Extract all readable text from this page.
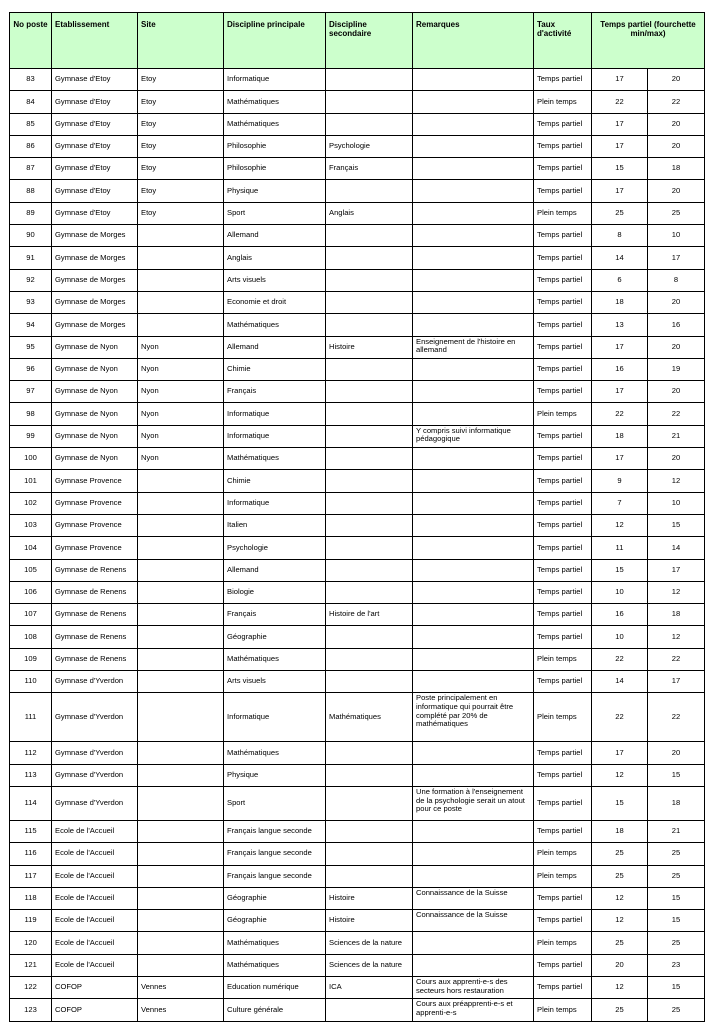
No poste	Etablissement	Site	Discipline principale	Discipline secondaire	Remarques	Taux d'activité	Temps partiel (fourchette min/max)	
83	Gymnase d'Etoy	Etoy	Informatique			Temps partiel	17	20
84	Gymnase d'Etoy	Etoy	Mathématiques			Plein temps	22	22
85	Gymnase d'Etoy	Etoy	Mathématiques			Temps partiel	17	20
86	Gymnase d'Etoy	Etoy	Philosophie	Psychologie		Temps partiel	17	20
87	Gymnase d'Etoy	Etoy	Philosophie	Français		Temps partiel	15	18
88	Gymnase d'Etoy	Etoy	Physique			Temps partiel	17	20
89	Gymnase d'Etoy	Etoy	Sport	Anglais		Plein temps	25	25
90	Gymnase de Morges		Allemand			Temps partiel	8	10
91	Gymnase de Morges		Anglais			Temps partiel	14	17
92	Gymnase de Morges		Arts visuels			Temps partiel	6	8
93	Gymnase de Morges		Economie et droit			Temps partiel	18	20
94	Gymnase de Morges		Mathématiques			Temps partiel	13	16
95	Gymnase de Nyon	Nyon	Allemand	Histoire	Enseignement de l'histoire en allemand	Temps partiel	17	20
96	Gymnase de Nyon	Nyon	Chimie			Temps partiel	16	19
97	Gymnase de Nyon	Nyon	Français			Temps partiel	17	20
98	Gymnase de Nyon	Nyon	Informatique			Plein temps	22	22
99	Gymnase de Nyon	Nyon	Informatique		Y compris suivi informatique pédagogique	Temps partiel	18	21
100	Gymnase de Nyon	Nyon	Mathématiques			Temps partiel	17	20
101	Gymnase Provence		Chimie			Temps partiel	9	12
102	Gymnase Provence		Informatique			Temps partiel	7	10
103	Gymnase Provence		Italien			Temps partiel	12	15
104	Gymnase Provence		Psychologie			Temps partiel	11	14
105	Gymnase de Renens		Allemand			Temps partiel	15	17
106	Gymnase de Renens		Biologie			Temps partiel	10	12
107	Gymnase de Renens		Français	Histoire de l'art		Temps partiel	16	18
108	Gymnase de Renens		Géographie			Temps partiel	10	12
109	Gymnase de Renens		Mathématiques			Plein temps	22	22
110	Gymnase d'Yverdon		Arts visuels			Temps partiel	14	17
111	Gymnase d'Yverdon		Informatique	Mathématiques	Poste principalement en informatique qui pourrait être complété par 20% de mathématiques	Plein temps	22	22
112	Gymnase d'Yverdon		Mathématiques			Temps partiel	17	20
113	Gymnase d'Yverdon		Physique			Temps partiel	12	15
114	Gymnase d'Yverdon		Sport		Une formation à l'enseignement de la psychologie serait un atout pour ce poste	Temps partiel	15	18
115	Ecole de l'Accueil		Français langue seconde			Temps partiel	18	21
116	Ecole de l'Accueil		Français langue seconde			Plein temps	25	25
117	Ecole de l'Accueil		Français langue seconde			Plein temps	25	25
118	Ecole de l'Accueil		Géographie	Histoire	Connaissance de la Suisse	Temps partiel	12	15
119	Ecole de l'Accueil		Géographie	Histoire	Connaissance de la Suisse	Temps partiel	12	15
120	Ecole de l'Accueil		Mathématiques	Sciences de la nature		Plein temps	25	25
121	Ecole de l'Accueil		Mathématiques	Sciences de la nature		Temps partiel	20	23
122	COFOP	Vennes	Education numérique	ICA	Cours aux apprenti-e-s des secteurs hors restauration	Temps partiel	12	15
123	COFOP	Vennes	Culture générale		Cours aux préapprenti-e-s et apprenti-e-s	Plein temps	25	25
